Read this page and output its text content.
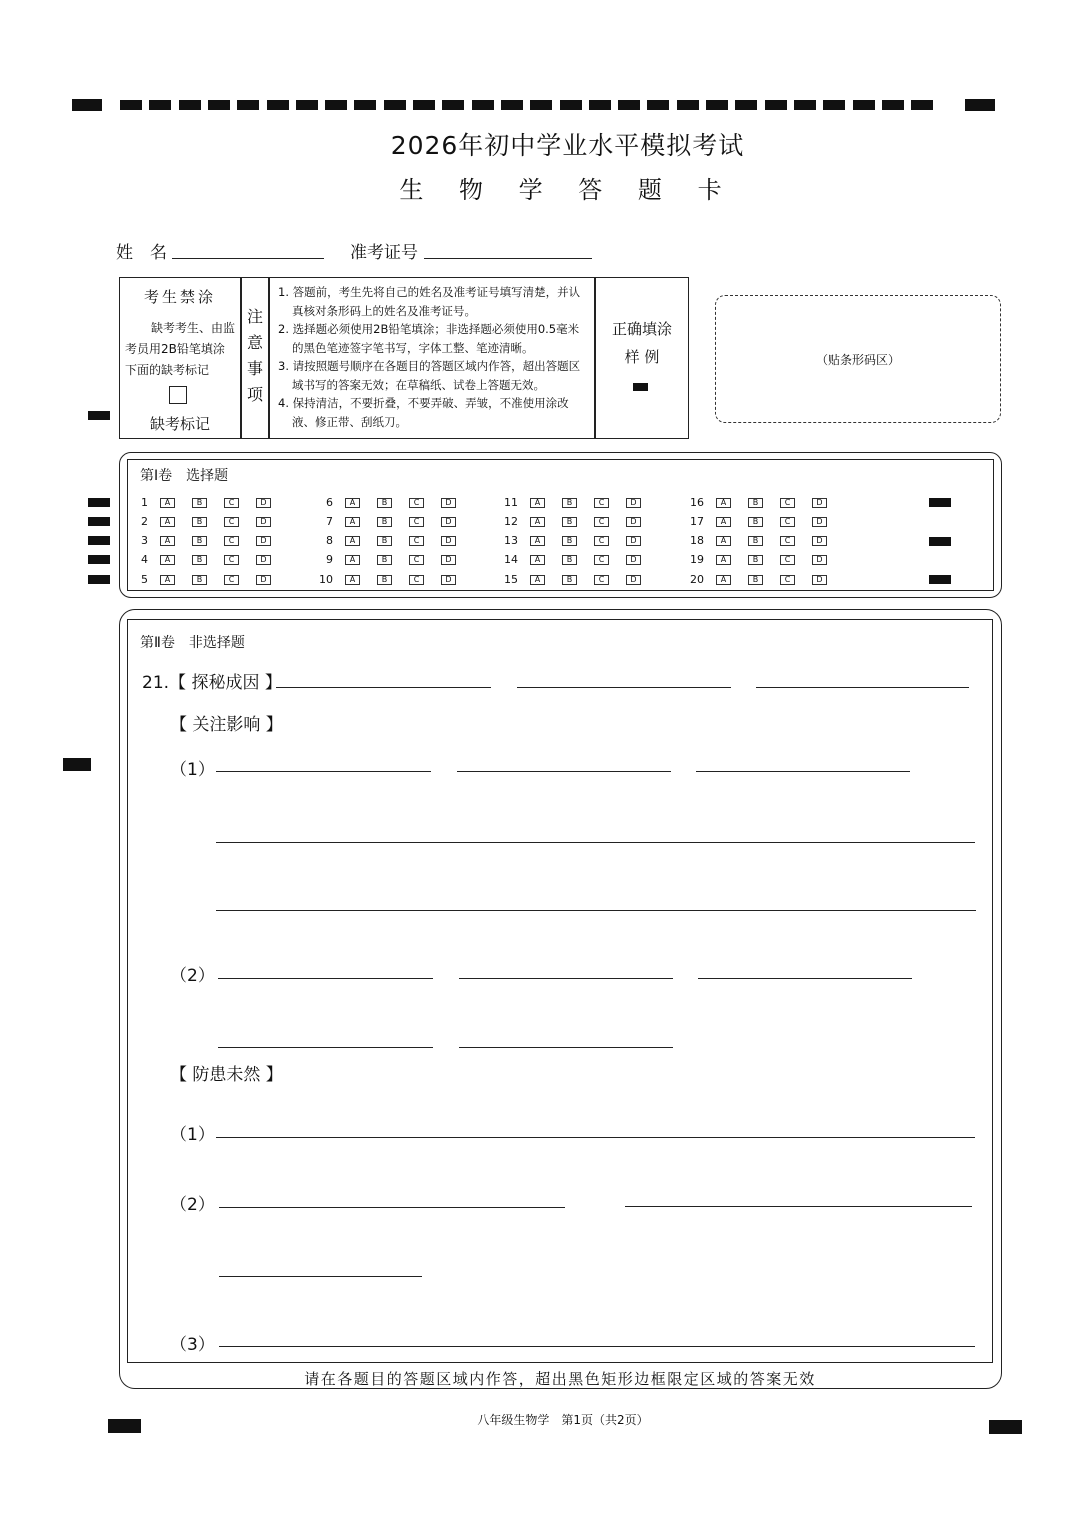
2026年初中学业水平模拟考试
生 物 学 答 题 卡
姓　名	准考证号
考生禁涂
缺考考生、由监考员用2B铅笔填涂下面的缺考标记
缺考标记
注
意
事
项
1. 答题前，考生先将自己的姓名及准考证号填写清楚，并认真核对条形码上的姓名及准考证号。
2. 选择题必须使用2B铅笔填涂；非选择题必须使用0.5毫米的黑色笔迹签字笔书写，字体工整、笔迹清晰。
3. 请按照题号顺序在各题目的答题区域内作答，超出答题区域书写的答案无效；在草稿纸、试卷上答题无效。
4. 保持清洁，不要折叠，不要弄破、弄皱，不准使用涂改液、修正带、刮纸刀。
正确填涂
样 例	（贴条形码区）
第Ⅰ卷　选择题
1	A	B	C	D
2	A	B	C	D
3	A	B	C	D
4	A	B	C	D
5	A	B	C	D
6	A	B	C	D
7	A	B	C	D
8	A	B	C	D
9	A	B	C	D
10	A	B	C	D
11	A	B	C	D
12	A	B	C	D
13	A	B	C	D
14	A	B	C	D
15	A	B	C	D
16	A	B	C	D
17	A	B	C	D
18	A	B	C	D
19	A	B	C	D
20	A	B	C	D
第Ⅱ卷　非选择题
21.【 探秘成因 】
【 关注影响 】
（1）
（2）
【 防患未然 】
（1）
（2）
（3）
请在各题目的答题区域内作答，超出黑色矩形边框限定区域的答案无效
八年级生物学　第1页（共2页）
